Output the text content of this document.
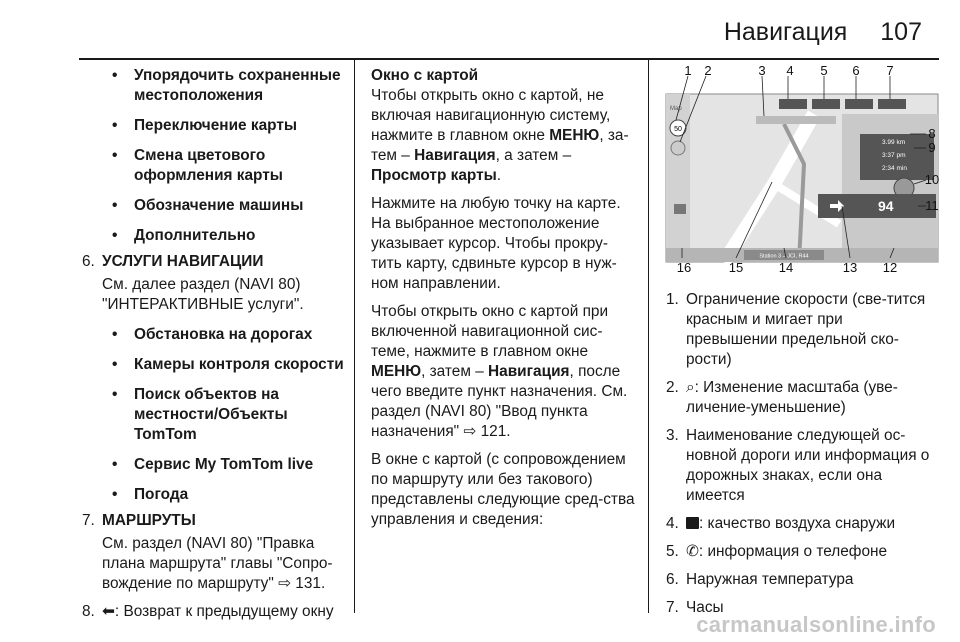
Навигация 107
• Упорядочить сохраненные местоположения
• Переключение карты
• Смена цветового оформления карты
• Обозначение машины
• Дополнительно
6. УСЛУГИ НАВИГАЦИИ
См. далее раздел (NAVI 80) "ИНТЕРАКТИВНЫЕ услуги".
• Обстановка на дорогах
• Камеры контроля скорости
• Поиск объектов на местности/Объекты TomTom
• Сервис My TomTom live
• Погода
7. МАРШРУТЫ
См. раздел (NAVI 80) "Правка плана маршрута" главы "Сопро-вождение по маршруту" ⇨ 131.
8. ⬅: Возврат к предыдущему окну
Окно с картой
Чтобы открыть окно с картой, не включая навигационную систему, нажмите в главном окне МЕНЮ, за-тем – Навигация, а затем – Просмотр карты.
Нажмите на любую точку на карте. На выбранное местоположение указывает курсор. Чтобы прокру-тить карту, сдвиньте курсор в нуж-ном направлении.
Чтобы открыть окно с картой при включенной навигационной сис-теме, нажмите в главном окне МЕНЮ, затем – Навигация, после чего введите пункт назначения. См. раздел (NAVI 80) "Ввод пункта назначения" ⇨ 121.
В окне с картой (с сопровождением по маршруту или без такового) представлены следующие сред-ства управления и сведения:
50
Map
3.99 km
3:37 pm
2:34 min
94
Station 3 – JCI, R44
1 2	3 4 5 6 7
8
9
10
11
16	15	14	13 12
1. Ограничение скорости (све-тится красным и мигает при превышении предельной ско-рости)
2. ⌕: Изменение масштаба (уве-личение-уменьшение)
3. Наименование следующей ос-новной дороги или информация о дорожных знаках, если она имеется
4. : качество воздуха снаружи
5. ✆: информация о телефоне
6. Наружная температура
7. Часы
carmanualsonline.info
